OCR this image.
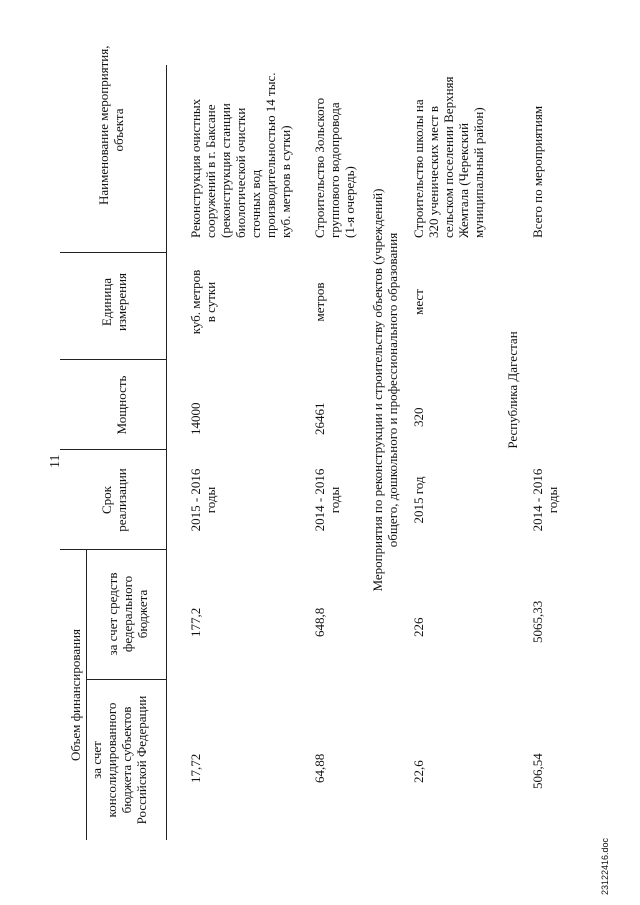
11
23122416.doc
Наименование мероприятия, объекта
Единица измерения
Мощность
Срок реализации
Объем финансирования
за счет средств федерального бюджета
за счет консолидированного бюджета субъектов Российской Федерации
Реконструкция очистных сооружений в г. Баксане (реконструкция станции биологической очистки сточных вод производительностью 14 тыс. куб. метров в сутки)
куб. метров в сутки
14000
2015 - 2016 годы
177,2
17,72
Строительство Зольского группового водопровода (1-я очередь)
метров
26461
2014 - 2016 годы
648,8
64,88
Мероприятия по реконструкции и строительству объектов (учреждений) общего, дошкольного и профессионального образования
Строительство школы на 320 ученических мест в сельском поселении Верхняя Жемтала (Черекский муниципальный район)
мест
320
2015 год
226
22,6
Республика Дагестан
Всего по мероприятиям
2014 - 2016 годы
5065,33
506,54
